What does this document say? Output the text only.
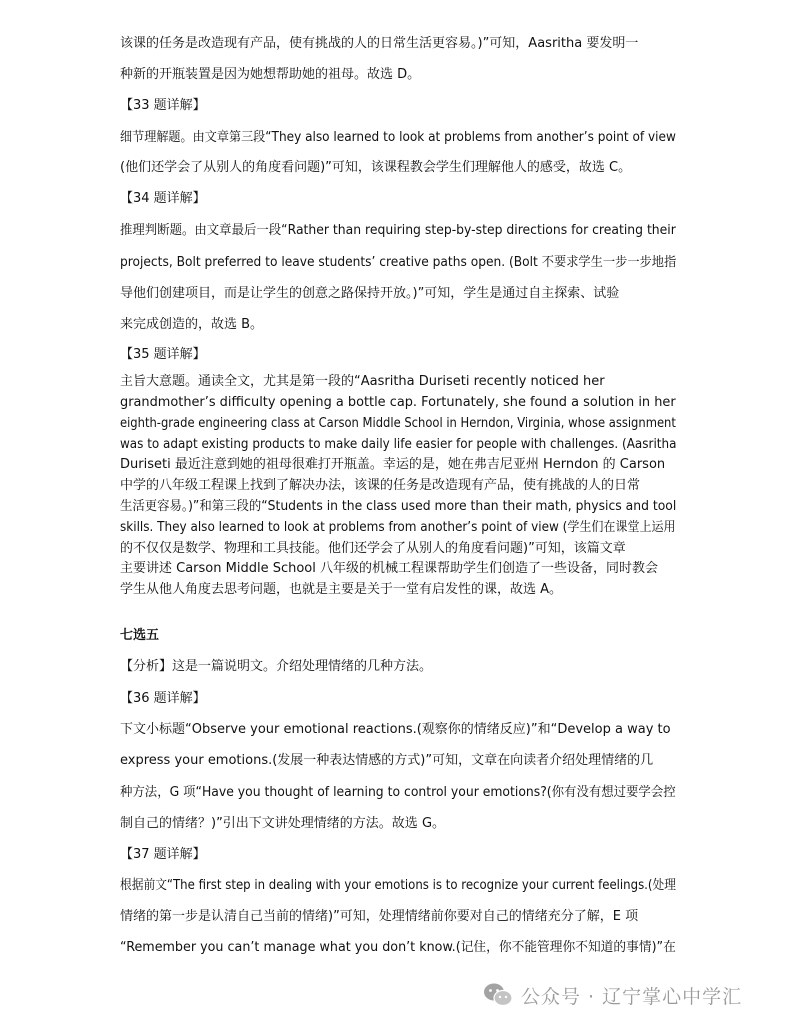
该课的任务是改造现有产品，使有挑战的人的日常生活更容易。)”可知，Aasritha 要发明一
种新的开瓶装置是因为她想帮助她的祖母。故选 D。
【33 题详解】
细节理解题。由文章第三段“They also learned to look at problems from another’s point of view
(他们还学会了从别人的角度看问题)”可知，该课程教会学生们理解他人的感受，故选 C。
【34 题详解】
推理判断题。由文章最后一段“Rather than requiring step-by-step directions for creating their
projects, Bolt preferred to leave students’ creative paths open. (Bolt 不要求学生一步一步地指
导他们创建项目，而是让学生的创意之路保持开放。)”可知，学生是通过自主探索、试验
来完成创造的，故选 B。
【35 题详解】
主旨大意题。通读全文，尤其是第一段的“Aasritha Duriseti recently noticed her
grandmother’s difficulty opening a bottle cap. Fortunately, she found a solution in her
eighth-grade engineering class at Carson Middle School in Herndon, Virginia, whose assignment
was to adapt existing products to make daily life easier for people with challenges. (Aasritha
Duriseti 最近注意到她的祖母很难打开瓶盖。幸运的是，她在弗吉尼亚州 Herndon 的 Carson
中学的八年级工程课上找到了解决办法，该课的任务是改造现有产品，使有挑战的人的日常
生活更容易。)”和第三段的“Students in the class used more than their math, physics and tool
skills. They also learned to look at problems from another’s point of view (学生们在课堂上运用
的不仅仅是数学、物理和工具技能。他们还学会了从别人的角度看问题)”可知，该篇文章
主要讲述 Carson Middle School 八年级的机械工程课帮助学生们创造了一些设备，同时教会
学生从他人角度去思考问题，也就是主要是关于一堂有启发性的课，故选 A。
七选五
【分析】这是一篇说明文。介绍处理情绪的几种方法。
【36 题详解】
下文小标题“Observe your emotional reactions.(观察你的情绪反应)”和“Develop a way to
express your emotions.(发展一种表达情感的方式)”可知，文章在向读者介绍处理情绪的几
种方法，G 项“Have you thought of learning to control your emotions?(你有没有想过要学会控
制自己的情绪？)”引出下文讲处理情绪的方法。故选 G。
【37 题详解】
根据前文“The first step in dealing with your emotions is to recognize your current feelings.(处理
情绪的第一步是认清自己当前的情绪)”可知，处理情绪前你要对自己的情绪充分了解，E 项
“Remember you can’t manage what you don’t know.(记住，你不能管理你不知道的事情)”在
公众号 · 辽宁掌心中学汇
